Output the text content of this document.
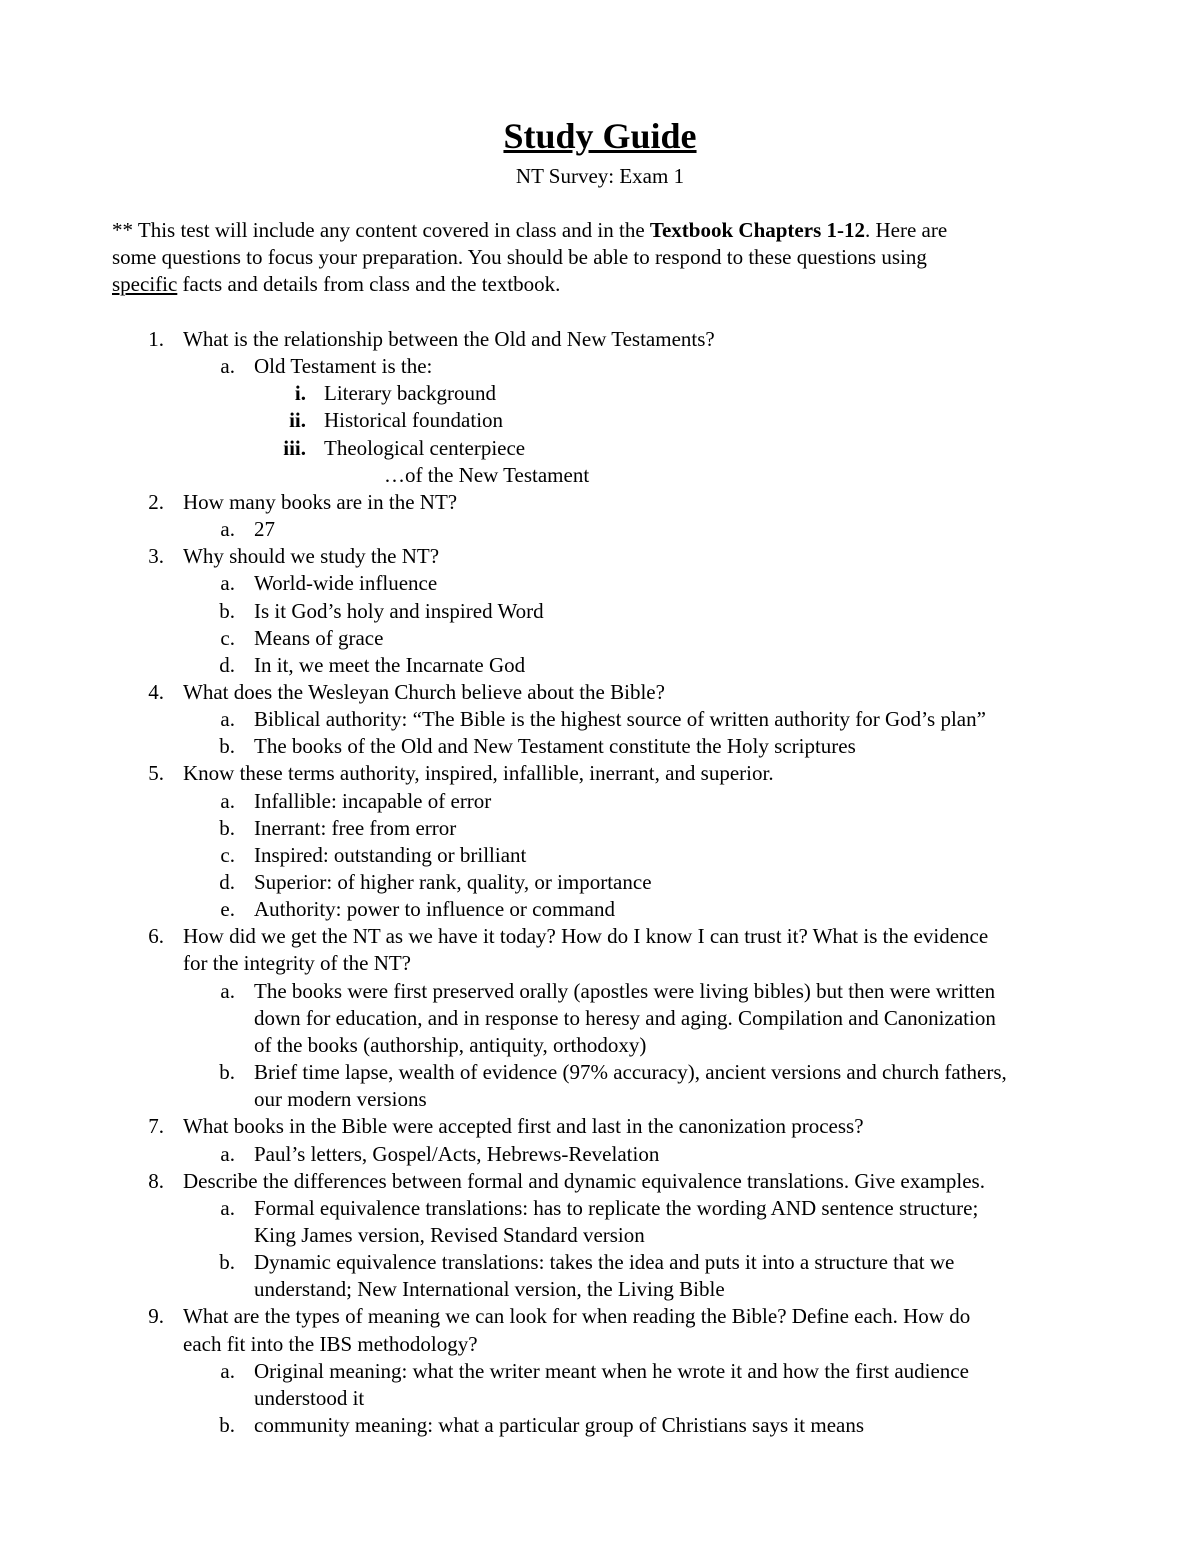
Study Guide
NT Survey: Exam 1
** This test will include any content covered in class and in the Textbook Chapters 1-12. Here are
some questions to focus your preparation. You should be able to respond to these questions using
specific facts and details from class and the textbook.
1. What is the relationship between the Old and New Testaments?
a. Old Testament is the:
i. Literary background
ii. Historical foundation
iii. Theological centerpiece
…of the New Testament
2. How many books are in the NT?
a. 27
3. Why should we study the NT?
a. World-wide influence
b. Is it God’s holy and inspired Word
c. Means of grace
d. In it, we meet the Incarnate God
4. What does the Wesleyan Church believe about the Bible?
a. Biblical authority: “The Bible is the highest source of written authority for God’s plan”
b. The books of the Old and New Testament constitute the Holy scriptures
5. Know these terms authority, inspired, infallible, inerrant, and superior.
a. Infallible: incapable of error
b. Inerrant: free from error
c. Inspired: outstanding or brilliant
d. Superior: of higher rank, quality, or importance
e. Authority: power to influence or command
6. How did we get the NT as we have it today? How do I know I can trust it? What is the evidence
for the integrity of the NT?
a. The books were first preserved orally (apostles were living bibles) but then were written
down for education, and in response to heresy and aging. Compilation and Canonization
of the books (authorship, antiquity, orthodoxy)
b. Brief time lapse, wealth of evidence (97% accuracy), ancient versions and church fathers,
our modern versions
7. What books in the Bible were accepted first and last in the canonization process?
a. Paul’s letters, Gospel/Acts, Hebrews-Revelation
8. Describe the differences between formal and dynamic equivalence translations. Give examples.
a. Formal equivalence translations: has to replicate the wording AND sentence structure;
King James version, Revised Standard version
b. Dynamic equivalence translations: takes the idea and puts it into a structure that we
understand; New International version, the Living Bible
9. What are the types of meaning we can look for when reading the Bible? Define each. How do
each fit into the IBS methodology?
a. Original meaning: what the writer meant when he wrote it and how the first audience
understood it
b. community meaning: what a particular group of Christians says it means
